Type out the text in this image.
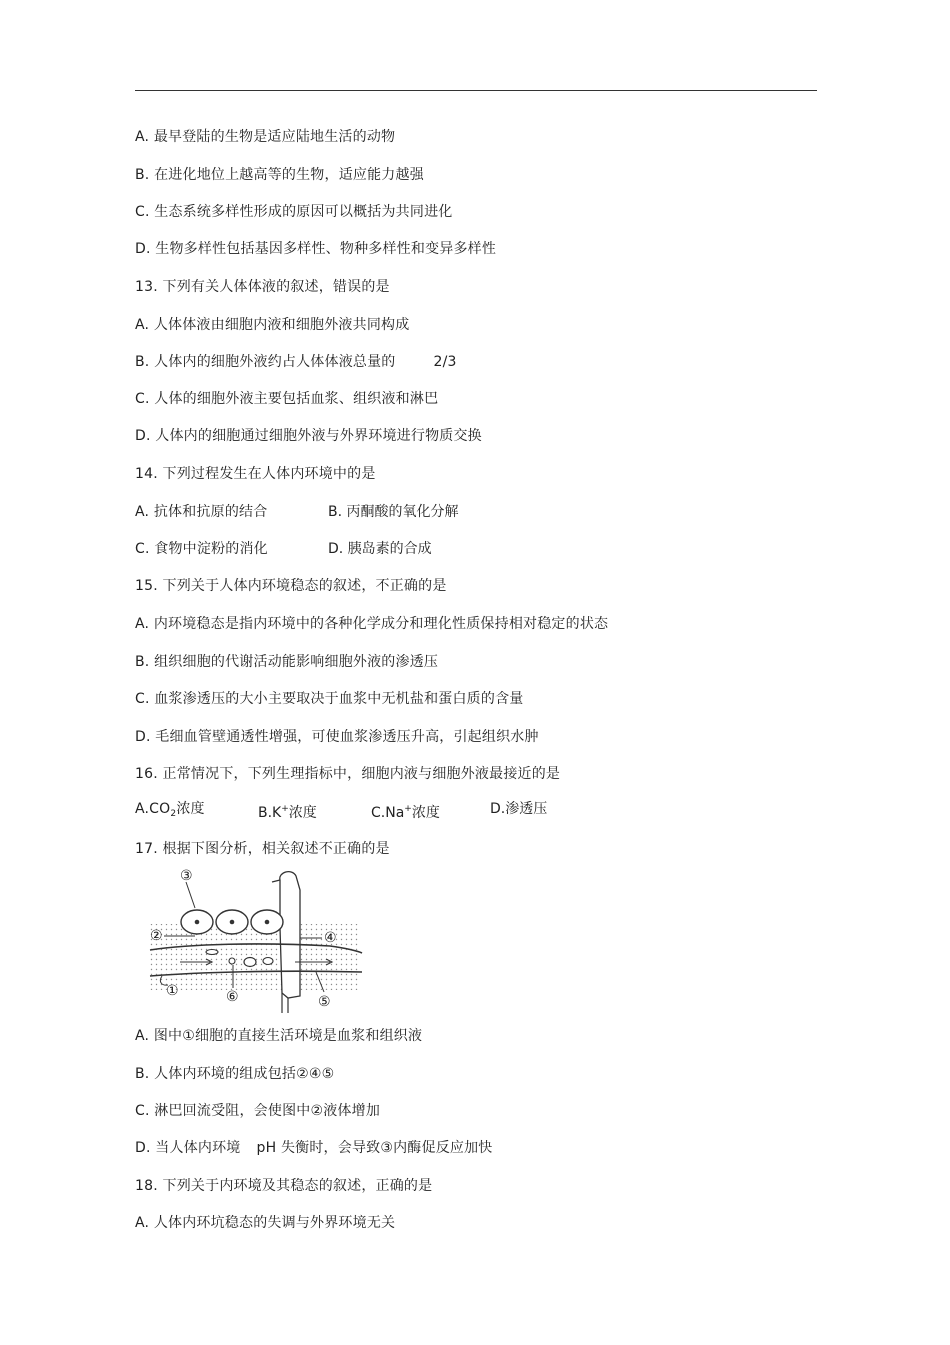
A. 最早登陆的生物是适应陆地生活的动物
B. 在进化地位上越高等的生物，适应能力越强
C. 生态系统多样性形成的原因可以概括为共同进化
D. 生物多样性包括基因多样性、物种多样性和变异多样性
13. 下列有关人体体液的叙述，错误的是
A. 人体体液由细胞内液和细胞外液共同构成
B. 人体内的细胞外液约占人体体液总量的	2/3
C. 人体的细胞外液主要包括血浆、组织液和淋巴
D. 人体内的细胞通过细胞外液与外界环境进行物质交换
14. 下列过程发生在人体内环境中的是
A. 抗体和抗原的结合	B. 丙酮酸的氧化分解
C. 食物中淀粉的消化	D. 胰岛素的合成
15. 下列关于人体内环境稳态的叙述，不正确的是
A. 内环境稳态是指内环境中的各种化学成分和理化性质保持相对稳定的状态
B. 组织细胞的代谢活动能影响细胞外液的渗透压
C. 血浆渗透压的大小主要取决于血浆中无机盐和蛋白质的含量
D. 毛细血管壁通透性增强，可使血浆渗透压升高，引起组织水肿
16. 正常情况下，下列生理指标中，细胞内液与细胞外液最接近的是
$A.CO_2$浓度	B.K+浓度	C.Na+浓度	D.渗透压
17. 根据下图分析，相关叙述不正确的是
③
②	④
①	⑥	⑤
A. 图中①细胞的直接生活环境是血浆和组织液
B. 人体内环境的组成包括②④⑤
C. 淋巴回流受阻，会使图中②液体增加
D. 当人体内环境 pH 失衡时，会导致③内酶促反应加快
18. 下列关于内环境及其稳态的叙述，正确的是
A. 人体内环坑稳态的失调与外界环境无关
